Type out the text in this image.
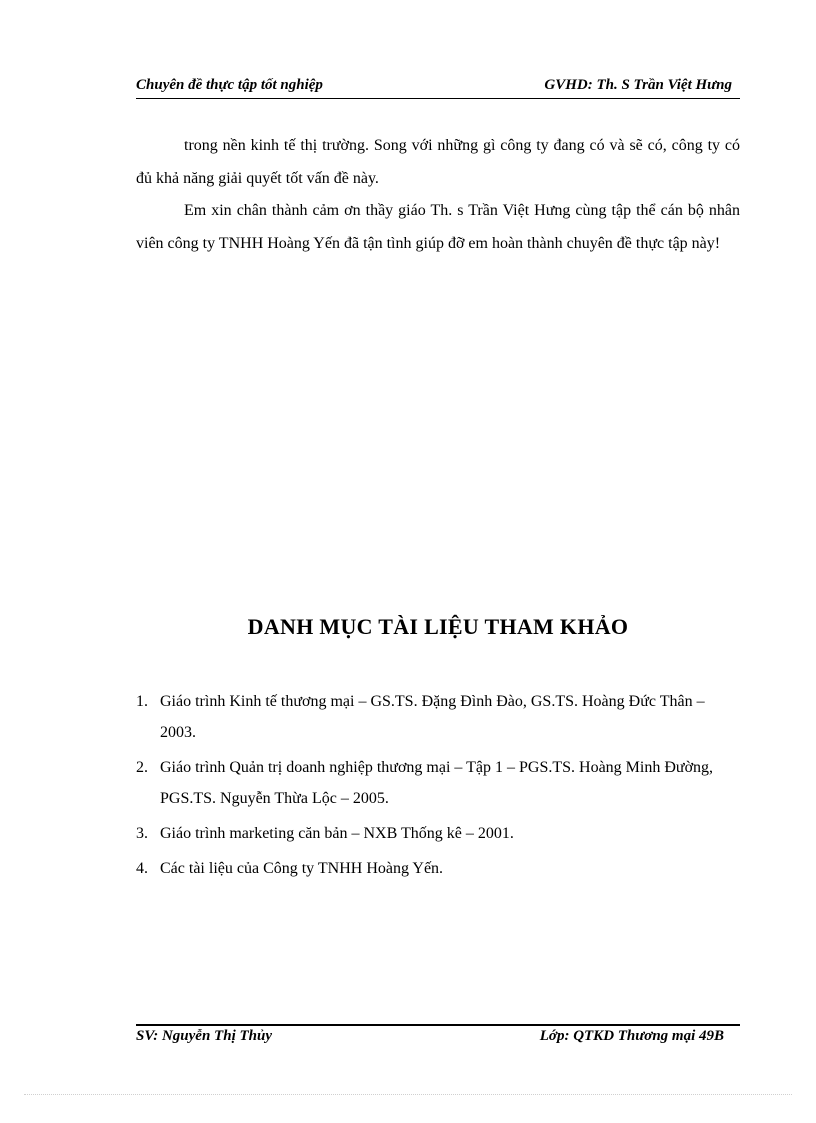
Chuyên đề thực tập tốt nghiệp	GVHD: Th. S Trần Việt Hưng

trong nền kinh tế thị trường. Song với những gì công ty đang có và sẽ có, công ty có đủ khả năng giải quyết tốt vấn đề này.

Em xin chân thành cảm ơn thầy giáo Th. s Trần Việt Hưng cùng tập thể cán bộ nhân viên công ty TNHH Hoàng Yến đã tận tình giúp đỡ em hoàn thành chuyên đề thực tập này!

DANH MỤC TÀI LIỆU THAM KHẢO
1. Giáo trình Kinh tế thương mại – GS.TS. Đặng Đình Đào, GS.TS. Hoàng Đức Thân – 2003.
2. Giáo trình Quản trị doanh nghiệp thương mại – Tập 1 – PGS.TS. Hoàng Minh Đường, PGS.TS. Nguyễn Thừa Lộc – 2005.
3. Giáo trình marketing căn bản – NXB Thống kê – 2001.
4. Các tài liệu của Công ty TNHH Hoàng Yến.
SV: Nguyễn Thị Thủy	Lớp: QTKD Thương mại 49B
